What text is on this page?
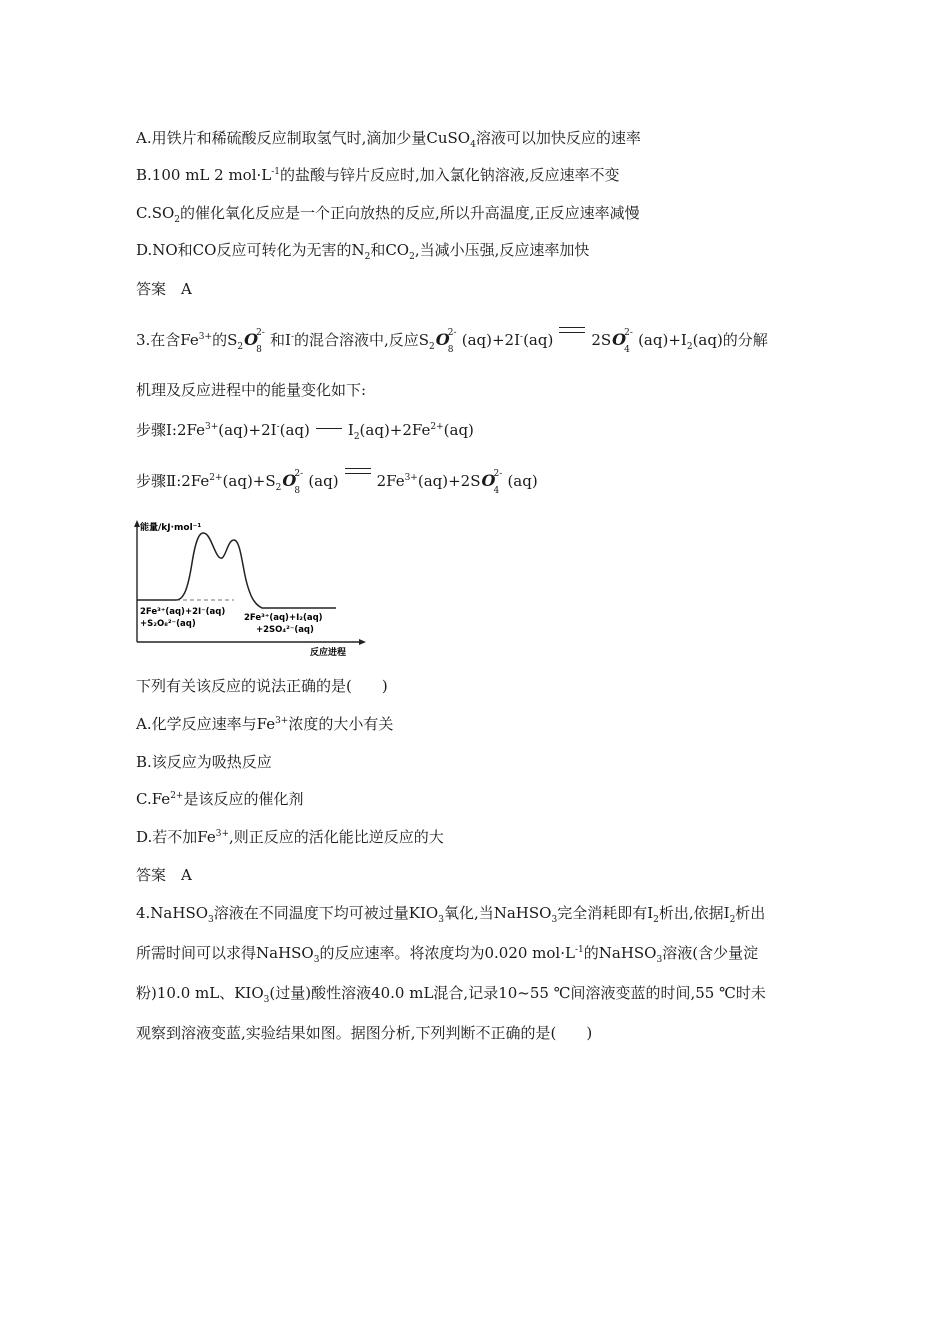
A.用铁片和稀硫酸反应制取氢气时,滴加少量CuSO$_4$溶液可以加快反应的速率
B.100 mL 2 $mol\cdot L^{-1}$的盐酸与锌片反应时,加入氯化钠溶液,反应速率不变
$C.SO_2$的催化氧化反应是一个正向放热的反应,所以升高温度,正反应速率减慢
D.NO和CO反应可转化为无害的$N_2$和$CO_2$,当减小压强,反应速率加快
答案　A
3.在含$Fe^{3+}$的$S_2O$
2-
8
和I-的混合溶液中,反应$S_2O$
2-
8
(aq)+2I-(aq)	2SO
2-
4
$(aq)+I_2(aq)$的分解
机理及反应进程中的能量变化如下:
步骤$Ⅰ:2Fe^{3+}(aq)+2I^-(aq)$	$I_2(aq)+2Fe^{2+}(aq)$
步骤$Ⅱ:2Fe^{2+}(aq)+S_2O$
2-
8
(aq)	$2Fe^{3+}(aq)+2SO$
2-
4
(aq)
能量/kJ·mol⁻¹
反应进程
2Fe³⁺(aq)+2I⁻(aq)
+S₂O₈²⁻(aq)
2Fe³⁺(aq)+I₂(aq)
+2SO₄²⁻(aq)
下列有关该反应的说法正确的是(　　)
A.化学反应速率与$Fe^{3+}$浓度的大小有关
B.该反应为吸热反应
$C.Fe^{2+}$是该反应的催化剂
D.若不加$Fe^{3+}$,则正反应的活化能比逆反应的大
答案　A
4.NaHSO$_3$溶液在不同温度下均可被过量$KIO_3$氧化,当NaHSO$_3$完全消耗即有$I_2$析出,依据$I_2$析出
所需时间可以求得NaHSO$_3$的反应速率。将浓度均为0.020 $mol\cdot L^{-1}$的NaHSO$_3$溶液(含少量淀
粉)10.0 mL、$KIO_3$(过量)酸性溶液40.0 mL混合,记录10~55 ℃间溶液变蓝的时间,55 ℃时未
观察到溶液变蓝,实验结果如图。据图分析,下列判断不正确的是(　　)
